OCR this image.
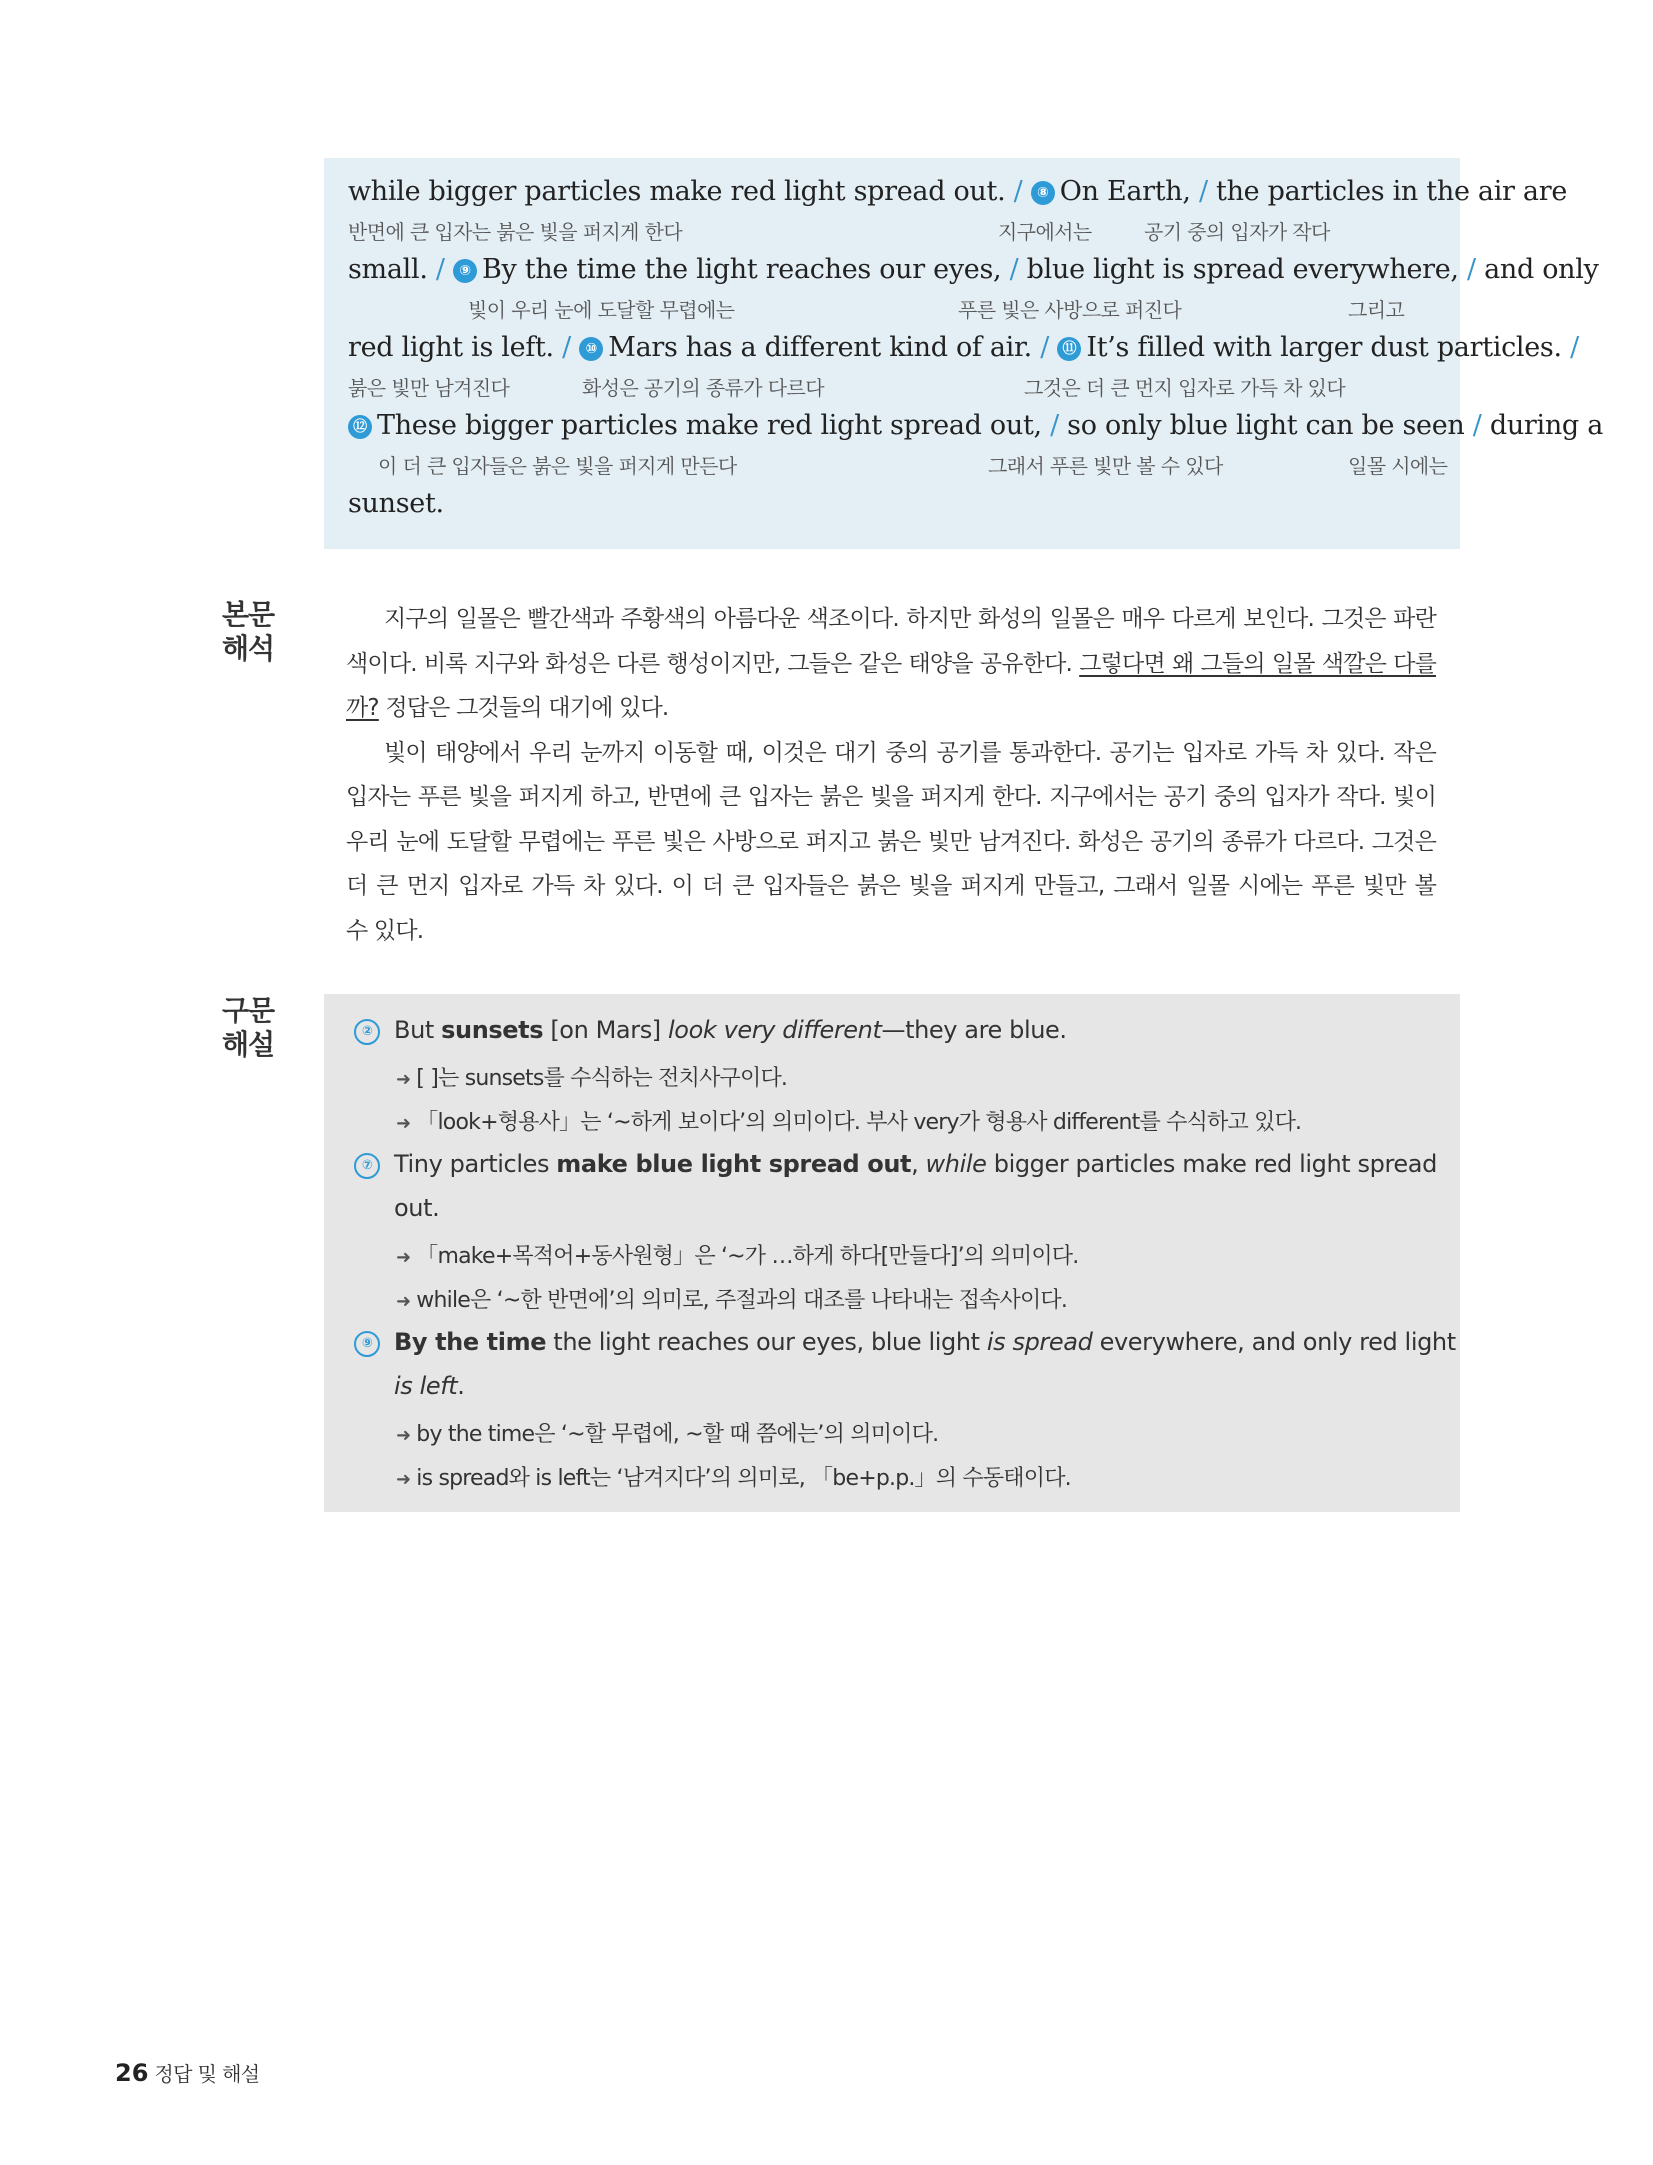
while bigger particles make red light spread out. / ⑧ On Earth, / the particles in the air are
반면에 큰 입자는 붉은 빛을 퍼지게 한다	지구에서는	공기 중의 입자가 작다
small. / ⑨ By the time the light reaches our eyes, / blue light is spread everywhere, / and only
빛이 우리 눈에 도달할 무렵에는	푸른 빛은 사방으로 퍼진다	그리고
red light is left. / ⑩ Mars has a different kind of air. / ⑪ It’s filled with larger dust particles. /
붉은 빛만 남겨진다	화성은 공기의 종류가 다르다	그것은 더 큰 먼지 입자로 가득 차 있다
⑫ These bigger particles make red light spread out, / so only blue light can be seen / during a
이 더 큰 입자들은 붉은 빛을 퍼지게 만든다	그래서 푸른 빛만 볼 수 있다	일몰 시에는
sunset.
본문
해석
지구의 일몰은 빨간색과 주황색의 아름다운 색조이다. 하지만 화성의 일몰은 매우 다르게 보인다. 그것은 파란
색이다. 비록 지구와 화성은 다른 행성이지만, 그들은 같은 태양을 공유한다. 그렇다면 왜 그들의 일몰 색깔은 다를
까? 정답은 그것들의 대기에 있다.
빛이 태양에서 우리 눈까지 이동할 때, 이것은 대기 중의 공기를 통과한다. 공기는 입자로 가득 차 있다. 작은
입자는 푸른 빛을 퍼지게 하고, 반면에 큰 입자는 붉은 빛을 퍼지게 한다. 지구에서는 공기 중의 입자가 작다. 빛이
우리 눈에 도달할 무렵에는 푸른 빛은 사방으로 퍼지고 붉은 빛만 남겨진다. 화성은 공기의 종류가 다르다. 그것은
더 큰 먼지 입자로 가득 차 있다. 이 더 큰 입자들은 붉은 빛을 퍼지게 만들고, 그래서 일몰 시에는 푸른 빛만 볼
수 있다.
구문
해설	② But sunsets [on Mars] look very different—they are blue.
➜ [ ]는 sunsets를 수식하는 전치사구이다.
➜ 「look+형용사」는 ‘~하게 보이다’의 의미이다. 부사 very가 형용사 different를 수식하고 있다.
⑦ Tiny particles make blue light spread out, while bigger particles make red light spread
out.
➜ 「make+목적어+동사원형」은 ‘~가 …하게 하다[만들다]’의 의미이다.
➜ while은 ‘~한 반면에’의 의미로, 주절과의 대조를 나타내는 접속사이다.
⑨ By the time the light reaches our eyes, blue light is spread everywhere, and only red light
is left.
➜ by the time은 ‘~할 무렵에, ~할 때 쯤에는’의 의미이다.
➜ is spread와 is left는 ‘남겨지다’의 의미로, 「be+p.p.」의 수동태이다.
26 정답 및 해설
